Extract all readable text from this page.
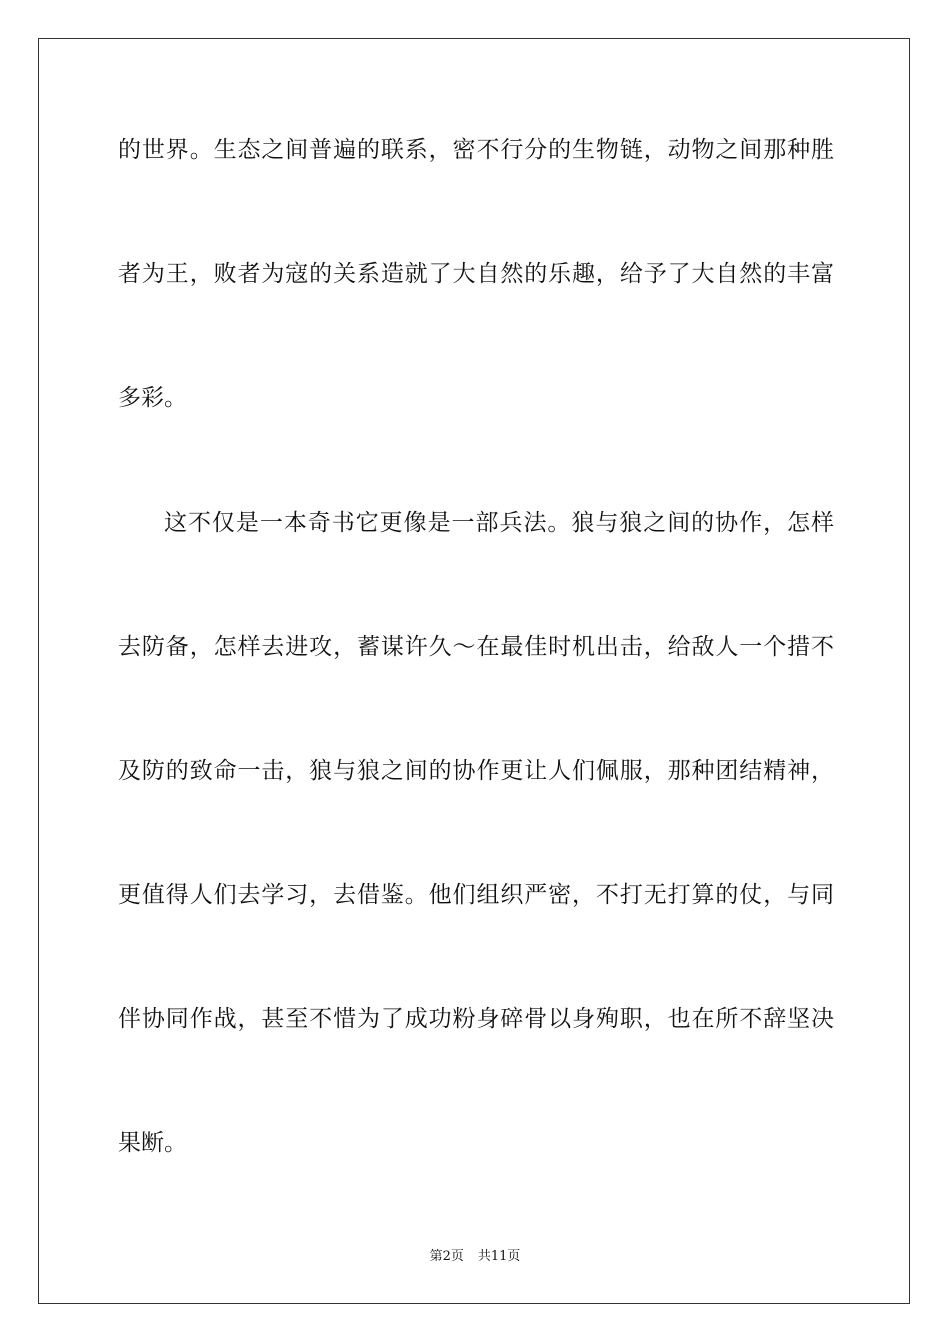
的世界。生态之间普遍的联系，密不行分的生物链，动物之间那种胜
者为王，败者为寇的关系造就了大自然的乐趣，给予了大自然的丰富
多彩。
这不仅是一本奇书它更像是一部兵法。狼与狼之间的协作，怎样
去防备，怎样去进攻，蓄谋许久～在最佳时机出击，给敌人一个措不
及防的致命一击，狼与狼之间的协作更让人们佩服，那种团结精神，
更值得人们去学习，去借鉴。他们组织严密，不打无打算的仗，与同
伴协同作战，甚至不惜为了成功粉身碎骨以身殉职，也在所不辞坚决
果断。
第2页 共11页
